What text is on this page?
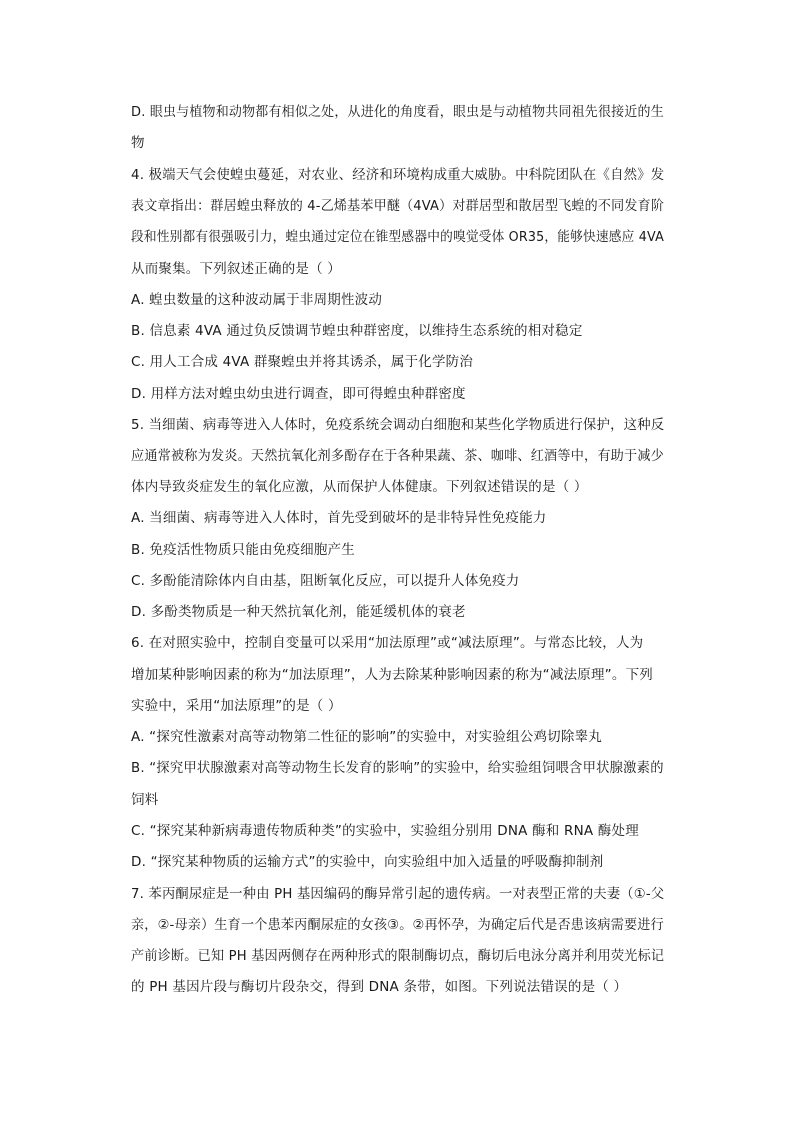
D. 眼虫与植物和动物都有相似之处，从进化的角度看，眼虫是与动植物共同祖先很接近的生
物
4. 极端天气会使蝗虫蔓延，对农业、经济和环境构成重大威胁。中科院团队在《自然》发
表文章指出：群居蝗虫释放的 4-乙烯基苯甲醚（4VA）对群居型和散居型飞蝗的不同发育阶
段和性别都有很强吸引力，蝗虫通过定位在锥型感器中的嗅觉受体 OR35，能够快速感应 4VA
从而聚集。下列叙述正确的是（ ）
A. 蝗虫数量的这种波动属于非周期性波动
B. 信息素 4VA 通过负反馈调节蝗虫种群密度，以维持生态系统的相对稳定
C. 用人工合成 4VA 群聚蝗虫并将其诱杀，属于化学防治
D. 用样方法对蝗虫幼虫进行调查，即可得蝗虫种群密度
5. 当细菌、病毒等进入人体时，免疫系统会调动白细胞和某些化学物质进行保护，这种反
应通常被称为发炎。天然抗氧化剂多酚存在于各种果蔬、茶、咖啡、红酒等中，有助于减少
体内导致炎症发生的氧化应激，从而保护人体健康。下列叙述错误的是（ ）
A. 当细菌、病毒等进入人体时，首先受到破坏的是非特异性免疫能力
B. 免疫活性物质只能由免疫细胞产生
C. 多酚能清除体内自由基，阻断氧化反应，可以提升人体免疫力
D. 多酚类物质是一种天然抗氧化剂，能延缓机体的衰老
6. 在对照实验中，控制自变量可以采用“加法原理”或“减法原理”。与常态比较，人为
增加某种影响因素的称为“加法原理”，人为去除某种影响因素的称为“减法原理”。下列
实验中，采用“加法原理”的是（ ）
A. “探究性激素对高等动物第二性征的影响”的实验中，对实验组公鸡切除睾丸
B. “探究甲状腺激素对高等动物生长发育的影响”的实验中，给实验组饲喂含甲状腺激素的
饲料
C. “探究某种新病毒遗传物质种类”的实验中，实验组分别用 DNA 酶和 RNA 酶处理
D. “探究某种物质的运输方式”的实验中，向实验组中加入适量的呼吸酶抑制剂
7. 苯丙酮尿症是一种由 PH 基因编码的酶异常引起的遗传病。一对表型正常的夫妻（①-父
亲，②-母亲）生育一个患苯丙酮尿症的女孩③。②再怀孕，为确定后代是否患该病需要进行
产前诊断。已知 PH 基因两侧存在两种形式的限制酶切点，酶切后电泳分离并利用荧光标记
的 PH 基因片段与酶切片段杂交，得到 DNA 条带，如图。下列说法错误的是（ ）
